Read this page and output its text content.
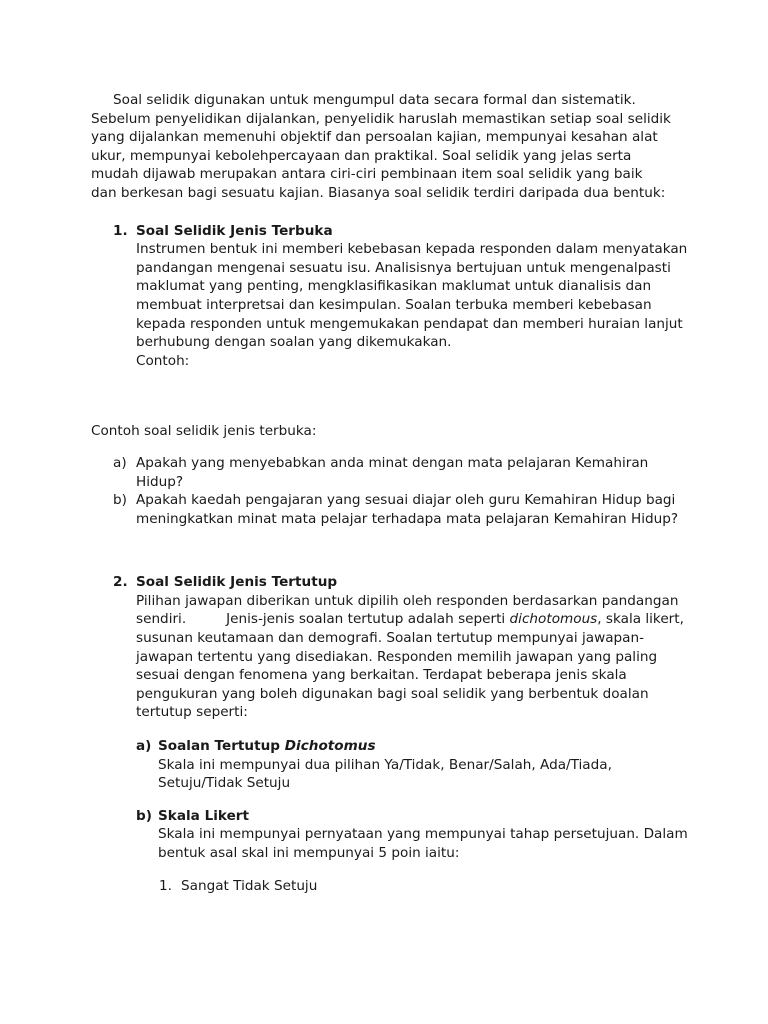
Soal selidik digunakan untuk mengumpul data secara formal dan sistematik. Sebelum penyelidikan dijalankan, penyelidik haruslah memastikan setiap soal selidik yang dijalankan memenuhi objektif dan persoalan kajian, mempunyai kesahan alat ukur, mempunyai kebolehpercayaan dan praktikal. Soal selidik yang jelas serta mudah dijawab merupakan antara ciri-ciri pembinaan item soal selidik yang baik dan berkesan bagi sesuatu kajian. Biasanya soal selidik terdiri daripada dua bentuk:

1. Soal Selidik Jenis Terbuka

Instrumen bentuk ini memberi kebebasan kepada responden dalam menyatakan pandangan mengenai sesuatu isu. Analisisnya bertujuan untuk mengenalpasti maklumat yang penting, mengklasifikasikan maklumat untuk dianalisis dan membuat interpretsai dan kesimpulan. Soalan terbuka memberi kebebasan kepada responden untuk mengemukakan pendapat dan memberi huraian lanjut berhubung dengan soalan yang dikemukakan.

Contoh:

Contoh soal selidik jenis terbuka:

a) Apakah yang menyebabkan anda minat dengan mata pelajaran Kemahiran Hidup?

b) Apakah kaedah pengajaran yang sesuai diajar oleh guru Kemahiran Hidup bagi meningkatkan minat mata pelajar terhadapa mata pelajaran Kemahiran Hidup?

2. Soal Selidik Jenis Tertutup

Pilihan jawapan diberikan untuk dipilih oleh responden berdasarkan pandangan sendiri.	Jenis-jenis soalan tertutup adalah seperti dichotomous, skala likert, susunan keutamaan dan demografi. Soalan tertutup mempunyai jawapan-jawapan tertentu yang disediakan. Responden memilih jawapan yang paling sesuai dengan fenomena yang berkaitan. Terdapat beberapa jenis skala pengukuran yang boleh digunakan bagi soal selidik yang berbentuk doalan tertutup seperti:

a) Soalan Tertutup Dichotomus

Skala ini mempunyai dua pilihan Ya/Tidak, Benar/Salah, Ada/Tiada, Setuju/Tidak Setuju

b) Skala Likert

Skala ini mempunyai pernyataan yang mempunyai tahap persetujuan. Dalam bentuk asal skal ini mempunyai 5 poin iaitu:

1. Sangat Tidak Setuju
